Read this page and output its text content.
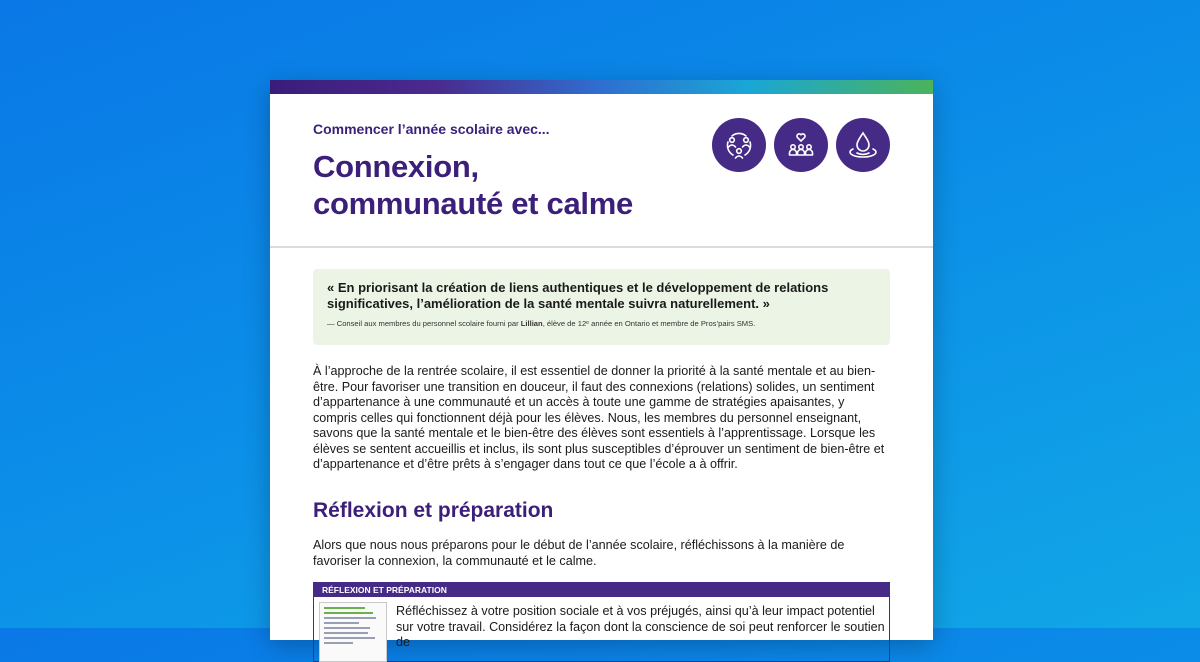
Commencer l’année scolaire avec...
Connexion,
communauté et calme

« En priorisant la création de liens authentiques et le développement de relations significatives, l’amélioration de la santé mentale suivra naturellement. »

— Conseil aux membres du personnel scolaire fourni par Lillian, élève de 12ᵉ année en Ontario et membre de Pros’pairs SMS.

À l’approche de la rentrée scolaire, il est essentiel de donner la priorité à la santé mentale et au bien-être. Pour favoriser une transition en douceur, il faut des connexions (relations) solides, un sentiment d’appartenance à une communauté et un accès à toute une gamme de stratégies apaisantes, y compris celles qui fonctionnent déjà pour les élèves. Nous, les membres du personnel enseignant, savons que la santé mentale et le bien-être des élèves sont essentiels à l’apprentissage. Lorsque les élèves se sentent accueillis et inclus, ils sont plus susceptibles d’éprouver un sentiment de bien-être et d’appartenance et d’être prêts à s’engager dans tout ce que l’école a à offrir.

Réflexion et préparation

Alors que nous nous préparons pour le début de l’année scolaire, réfléchissons à la manière de favoriser la connexion, la communauté et le calme.

RÉFLEXION ET PRÉPARATION

Réfléchissez à votre position sociale et à vos préjugés, ainsi qu’à leur impact potentiel sur votre travail. Considérez la façon dont la conscience de soi peut renforcer le soutien de
